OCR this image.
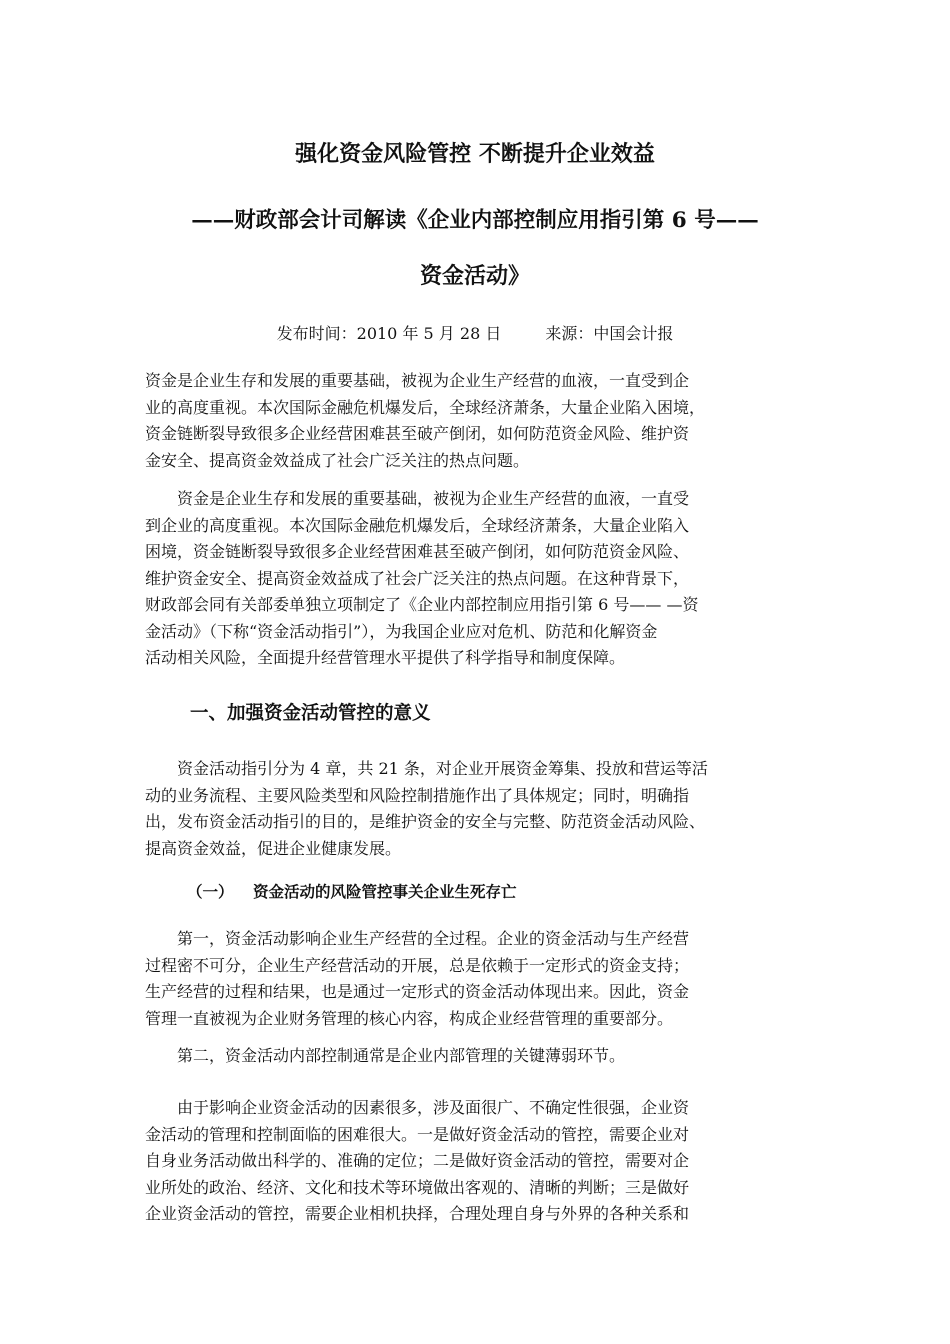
强化资金风险管控 不断提升企业效益
——财政部会计司解读《企业内部控制应用指引第 6 号——
资金活动》
发布时间：2010 年 5 月 28 日	来源：中国会计报
资金是企业生存和发展的重要基础，被视为企业生产经营的血液，一直受到企
业的高度重视。本次国际金融危机爆发后，全球经济萧条，大量企业陷入困境，
资金链断裂导致很多企业经营困难甚至破产倒闭，如何防范资金风险、维护资
金安全、提高资金效益成了社会广泛关注的热点问题。
　　资金是企业生存和发展的重要基础，被视为企业生产经营的血液，一直受
到企业的高度重视。本次国际金融危机爆发后，全球经济萧条，大量企业陷入
困境，资金链断裂导致很多企业经营困难甚至破产倒闭，如何防范资金风险、
维护资金安全、提高资金效益成了社会广泛关注的热点问题。在这种背景下，
财政部会同有关部委单独立项制定了《企业内部控制应用指引第 6 号—— —资
金活动》（下称“资金活动指引”），为我国企业应对危机、防范和化解资金
活动相关风险，全面提升经营管理水平提供了科学指导和制度保障。
一、加强资金活动管控的意义
　　资金活动指引分为 4 章，共 21 条，对企业开展资金筹集、投放和营运等活
动的业务流程、主要风险类型和风险控制措施作出了具体规定；同时，明确指
出，发布资金活动指引的目的，是维护资金的安全与完整、防范资金活动风险、
提高资金效益，促进企业健康发展。
（一） 资金活动的风险管控事关企业生死存亡
　　第一，资金活动影响企业生产经营的全过程。企业的资金活动与生产经营
过程密不可分，企业生产经营活动的开展，总是依赖于一定形式的资金支持；
生产经营的过程和结果，也是通过一定形式的资金活动体现出来。因此，资金
管理一直被视为企业财务管理的核心内容，构成企业经营管理的重要部分。
　　第二，资金活动内部控制通常是企业内部管理的关键薄弱环节。
　　由于影响企业资金活动的因素很多，涉及面很广、不确定性很强，企业资
金活动的管理和控制面临的困难很大。一是做好资金活动的管控，需要企业对
自身业务活动做出科学的、准确的定位；二是做好资金活动的管控，需要对企
业所处的政治、经济、文化和技术等环境做出客观的、清晰的判断；三是做好
企业资金活动的管控，需要企业相机抉择，合理处理自身与外界的各种关系和
